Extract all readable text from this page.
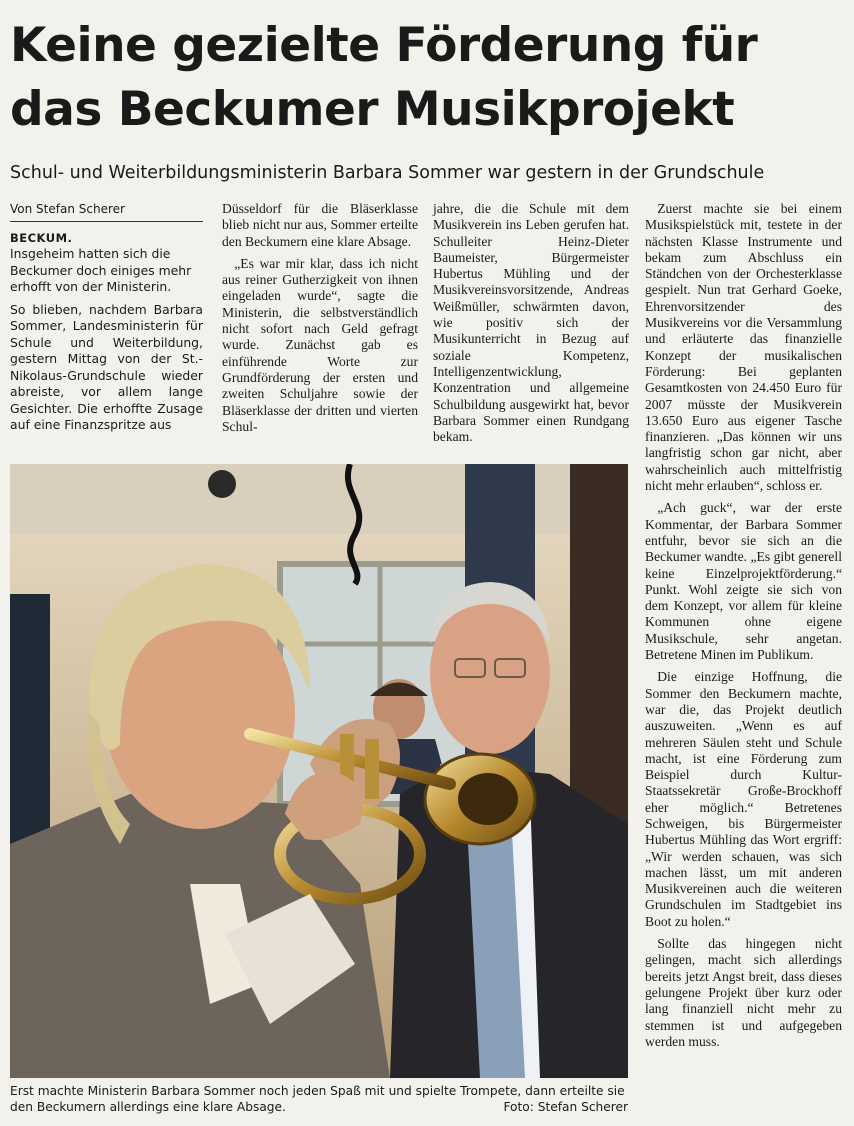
Keine gezielte Förderung für das Beckumer Musikprojekt

Schul- und Weiterbildungsministerin Barbara Sommer war gestern in der Grundschule

Von Stefan Scherer
BECKUM.

Insgeheim hatten sich die Beckumer doch einiges mehr erhofft von der Ministerin.

So blieben, nachdem Barbara Sommer, Landesministerin für Schule und Weiterbildung, gestern Mittag von der St.-Nikolaus-Grundschule wieder abreiste, vor allem lange Gesichter. Die erhoffte Zusage auf eine Finanzspritze aus

Düsseldorf für die Bläserklasse blieb nicht nur aus, Sommer erteilte den Beckumern eine klare Absage.

„Es war mir klar, dass ich nicht aus reiner Gutherzigkeit von ihnen eingeladen wurde“, sagte die Ministerin, die selbstverständlich nicht sofort nach Geld gefragt wurde. Zunächst gab es einführende Worte zur Grundförderung der ersten und zweiten Schuljahre sowie der Bläserklasse der dritten und vierten Schul-

jahre, die die Schule mit dem Musikverein ins Leben gerufen hat. Schulleiter Heinz-Dieter Baumeister, Bürgermeister Hubertus Mühling und der Musikvereinsvorsitzende, Andreas Weißmüller, schwärmten davon, wie positiv sich der Musikunterricht in Bezug auf soziale Kompetenz, Intelligenzentwicklung, Konzentration und allgemeine Schulbildung ausgewirkt hat, bevor Barbara Sommer einen Rundgang bekam.

Zuerst machte sie bei einem Musikspielstück mit, testete in der nächsten Klasse Instrumente und bekam zum Abschluss ein Ständchen von der Orchesterklasse gespielt. Nun trat Gerhard Goeke, Ehrenvorsitzender des Musikvereins vor die Versammlung und erläuterte das finanzielle Konzept der musikalischen Förderung: Bei geplanten Gesamtkosten von 24.450 Euro für 2007 müsste der Musikverein 13.650 Euro aus eigener Tasche finanzieren. „Das können wir uns langfristig schon gar nicht, aber wahrscheinlich auch mittelfristig nicht mehr erlauben“, schloss er.

„Ach guck“, war der erste Kommentar, der Barbara Sommer entfuhr, bevor sie sich an die Beckumer wandte. „Es gibt generell keine Einzelprojektförderung.“ Punkt. Wohl zeigte sie sich von dem Konzept, vor allem für kleine Kommunen ohne eigene Musikschule, sehr angetan. Betretene Minen im Publikum.

Die einzige Hoffnung, die Sommer den Beckumern machte, war die, das Projekt deutlich auszuweiten. „Wenn es auf mehreren Säulen steht und Schule macht, ist eine Förderung zum Beispiel durch Kultur-Staatssekretär Große-Brockhoff eher möglich.“ Betretenes Schweigen, bis Bürgermeister Hubertus Mühling das Wort ergriff: „Wir werden schauen, was sich machen lässt, um mit anderen Musikvereinen auch die weiteren Grundschulen im Stadtgebiet ins Boot zu holen.“

Sollte das hingegen nicht gelingen, macht sich allerdings bereits jetzt Angst breit, dass dieses gelungene Projekt über kurz oder lang finanziell nicht mehr zu stemmen ist und aufgegeben werden muss.

Erst machte Ministerin Barbara Sommer noch jeden Spaß mit und spielte Trompete, dann erteilte sie den Beckumern allerdings eine klare Absage.	Foto: Stefan Scherer
